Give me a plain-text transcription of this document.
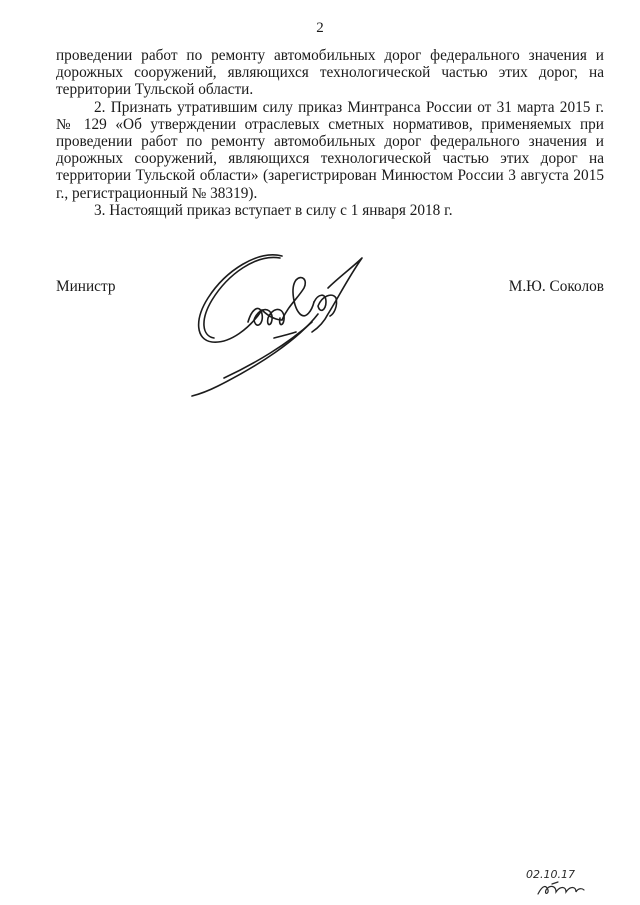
2

проведении работ по ремонту автомобильных дорог федерального значения и дорожных сооружений, являющихся технологической частью этих дорог, на территории Тульской области.

2. Признать утратившим силу приказ Минтранса России от 31 марта 2015 г. № 129 «Об утверждении отраслевых сметных нормативов, применяемых при проведении работ по ремонту автомобильных дорог федерального значения и дорожных сооружений, являющихся технологической частью этих дорог на территории Тульской области» (зарегистрирован Минюстом России 3 августа 2015 г., регистрационный № 38319).

3. Настоящий приказ вступает в силу с 1 января 2018 г.

Министр	М.Ю. Соколов
02.10.17
